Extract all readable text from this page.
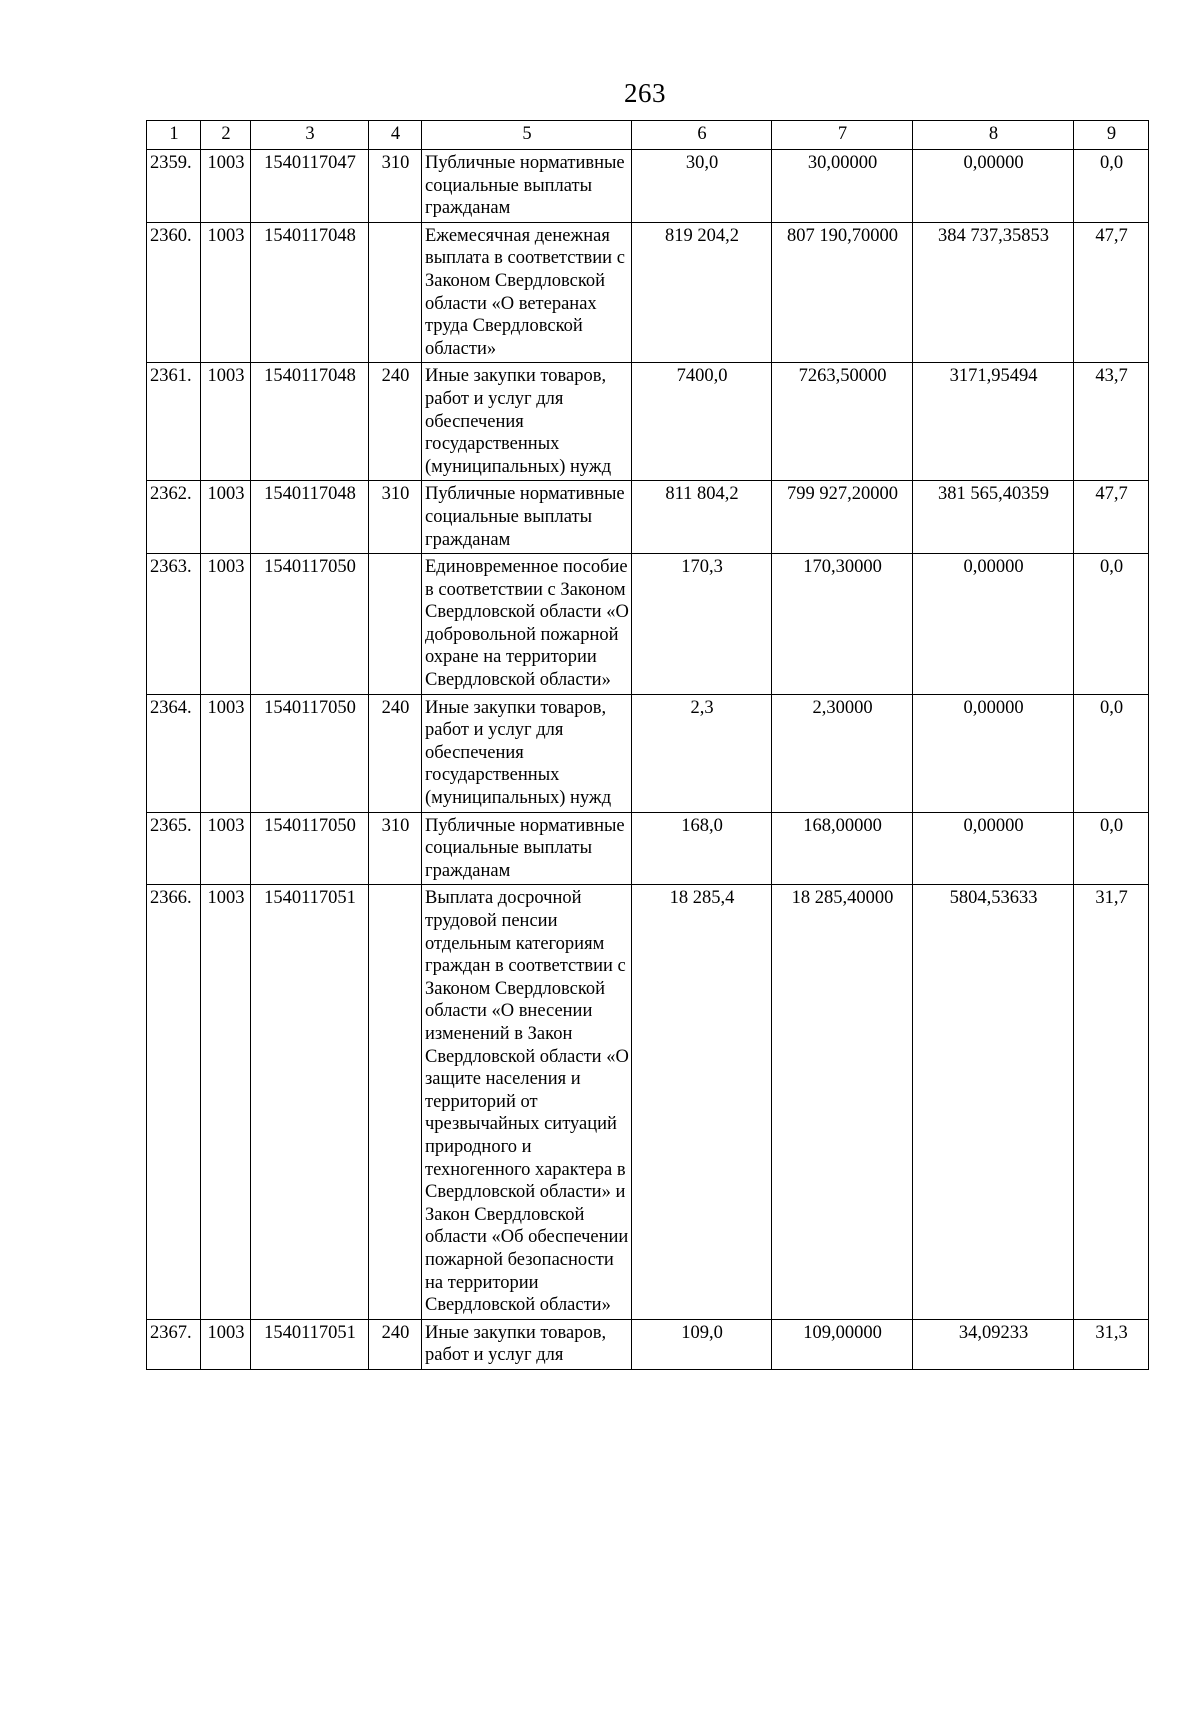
263
1	2	3	4	5	6	7	8	9
2359.	1003	1540117047	310	Публичные нормативные социальные выплаты гражданам	30,0	30,00000	0,00000	0,0
2360.	1003	1540117048		Ежемесячная денежная выплата в соответствии с Законом Свердловской области «О ветеранах труда Свердловской области»	819 204,2	807 190,70000	384 737,35853	47,7
2361.	1003	1540117048	240	Иные закупки товаров, работ и услуг для обеспечения государственных (муниципальных) нужд	7400,0	7263,50000	3171,95494	43,7
2362.	1003	1540117048	310	Публичные нормативные социальные выплаты гражданам	811 804,2	799 927,20000	381 565,40359	47,7
2363.	1003	1540117050		Единовременное пособие в соответствии с Законом Свердловской области «О добровольной пожарной охране на территории Свердловской области»	170,3	170,30000	0,00000	0,0
2364.	1003	1540117050	240	Иные закупки товаров, работ и услуг для обеспечения государственных (муниципальных) нужд	2,3	2,30000	0,00000	0,0
2365.	1003	1540117050	310	Публичные нормативные социальные выплаты гражданам	168,0	168,00000	0,00000	0,0
2366.	1003	1540117051		Выплата досрочной трудовой пенсии отдельным категориям граждан в соответствии с Законом Свердловской области «О внесении изменений в Закон Свердловской области «О защите населения и территорий от чрезвычайных ситуаций природного и техногенного характера в Свердловской области» и Закон Свердловской области «Об обеспечении пожарной безопасности на территории Свердловской области»	18 285,4	18 285,40000	5804,53633	31,7
2367.	1003	1540117051	240	Иные закупки товаров, работ и услуг для	109,0	109,00000	34,09233	31,3
